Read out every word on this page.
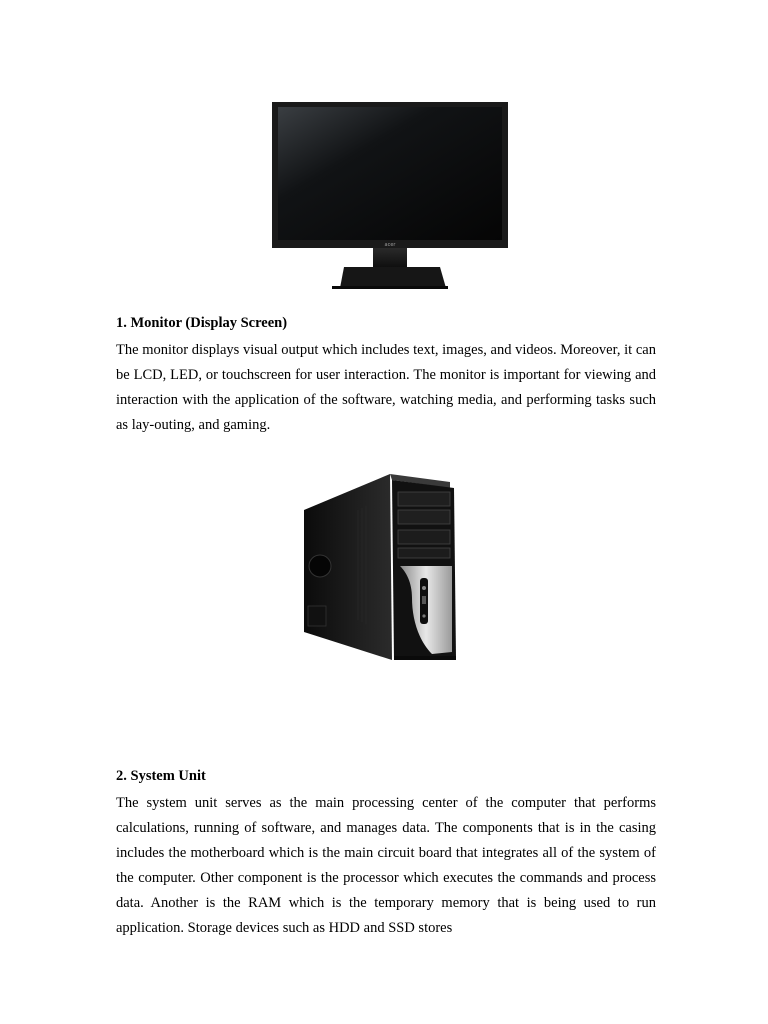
acer

1. Monitor (Display Screen)

The monitor displays visual output which includes text, images, and videos. Moreover, it can be LCD, LED, or touchscreen for user interaction. The monitor is important for viewing and interaction with the application of the software, watching media, and performing tasks such as lay-outing, and gaming.

2. System Unit

The system unit serves as the main processing center of the computer that performs calculations, running of software, and manages data. The components that is in the casing includes the motherboard which is the main circuit board that integrates all of the system of the computer. Other component is the processor which executes the commands and process data. Another is the RAM which is the temporary memory that is being used to run application. Storage devices such as HDD and SSD stores
